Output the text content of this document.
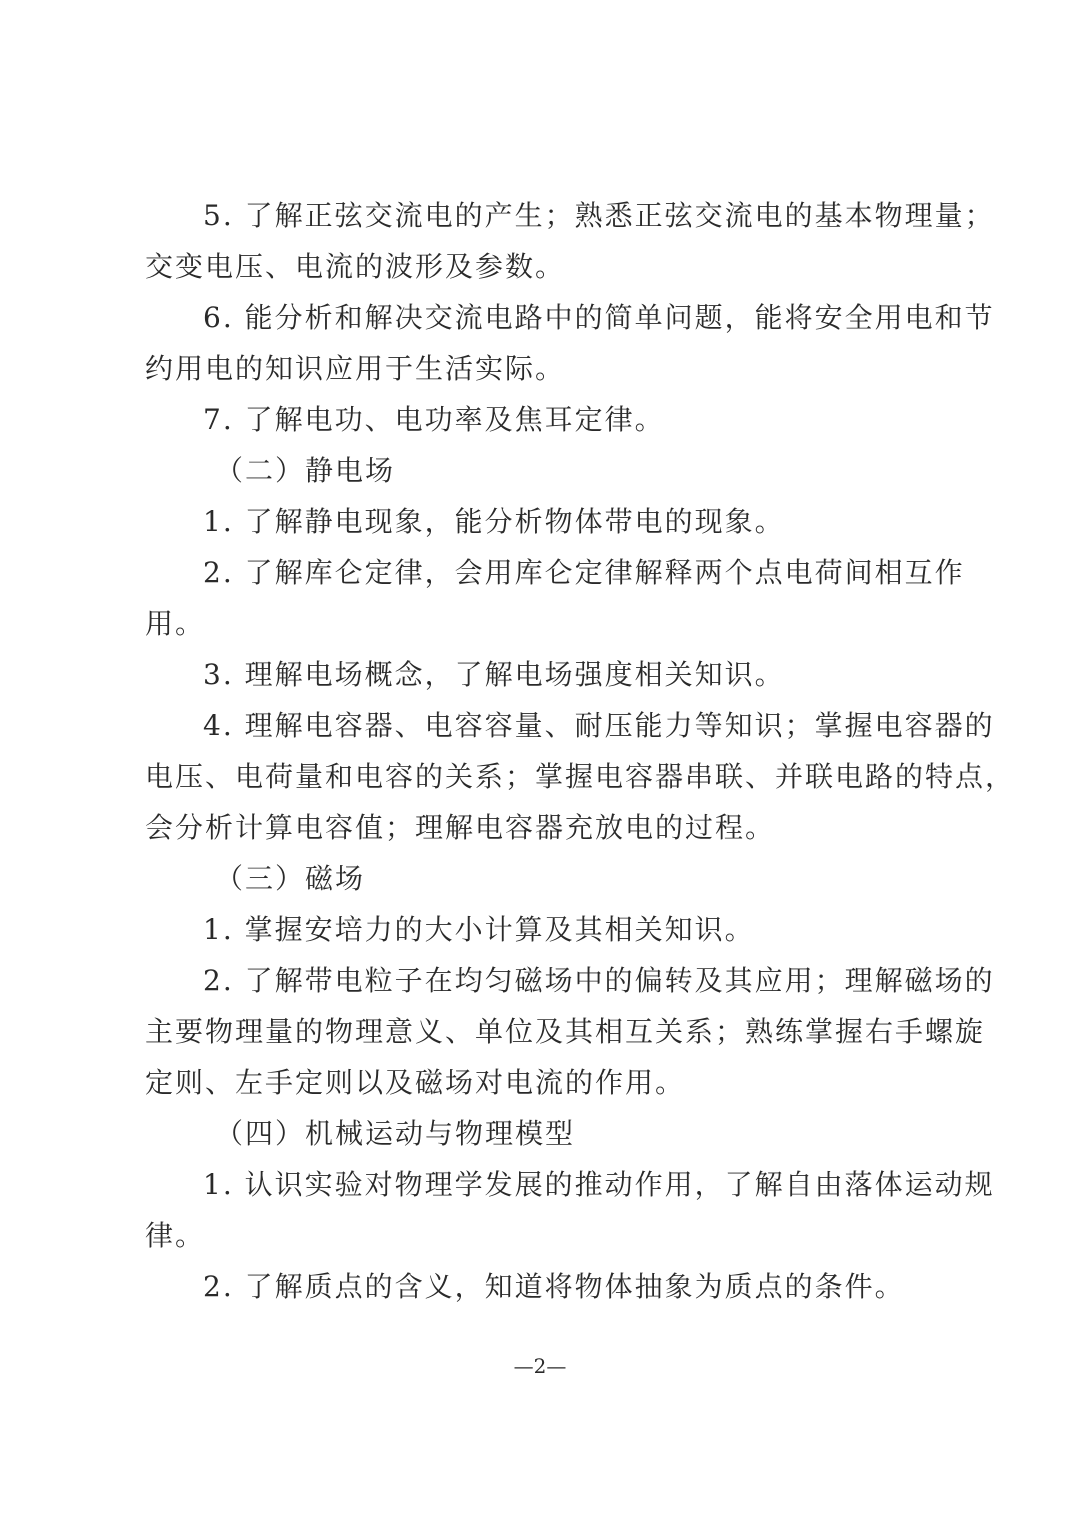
5. 了解正弦交流电的产生；熟悉正弦交流电的基本物理量；
交变电压、电流的波形及参数。
6. 能分析和解决交流电路中的简单问题，能将安全用电和节
约用电的知识应用于生活实际。
7. 了解电功、电功率及焦耳定律。
（二）静电场
1. 了解静电现象，能分析物体带电的现象。
2. 了解库仑定律，会用库仑定律解释两个点电荷间相互作
用。
3. 理解电场概念，了解电场强度相关知识。
4. 理解电容器、电容容量、耐压能力等知识；掌握电容器的
电压、电荷量和电容的关系；掌握电容器串联、并联电路的特点，
会分析计算电容值；理解电容器充放电的过程。
（三）磁场
1. 掌握安培力的大小计算及其相关知识。
2. 了解带电粒子在均匀磁场中的偏转及其应用；理解磁场的
主要物理量的物理意义、单位及其相互关系；熟练掌握右手螺旋
定则、左手定则以及磁场对电流的作用。
（四）机械运动与物理模型
1. 认识实验对物理学发展的推动作用，了解自由落体运动规
律。
2. 了解质点的含义，知道将物体抽象为质点的条件。
—2—
